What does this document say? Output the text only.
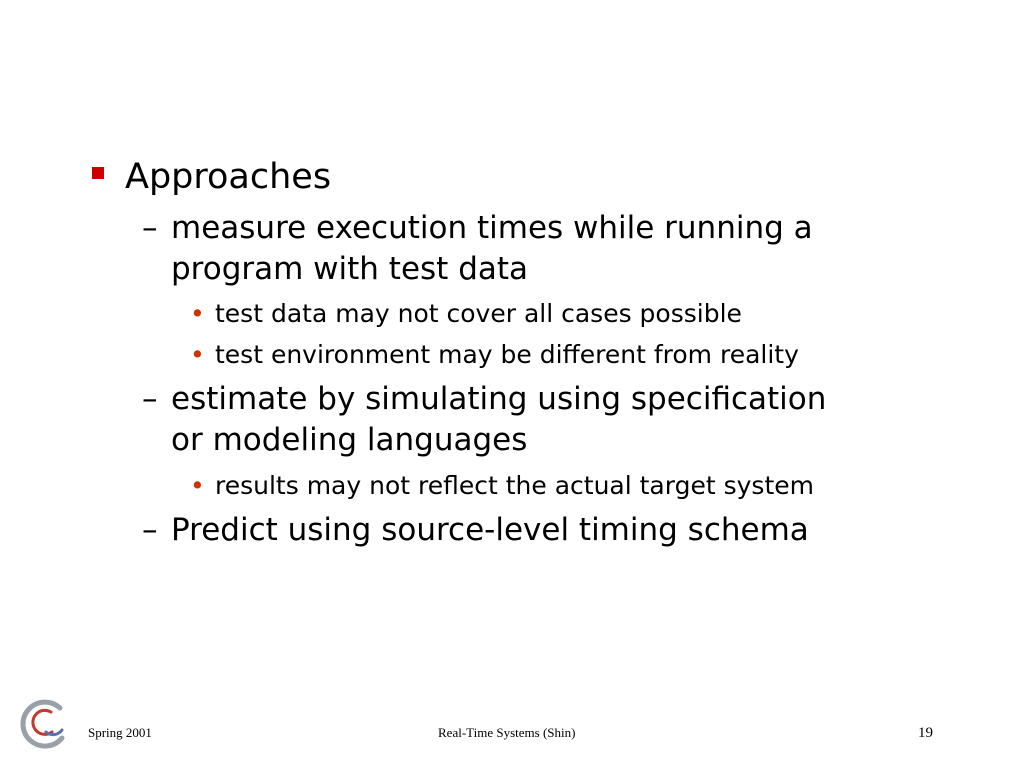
Approaches
– measure execution times while running a
program with test data
• test data may not cover all cases possible
• test environment may be different from reality
– estimate by simulating using specification
or modeling languages
• results may not reflect the actual target system
– Predict using source-level timing schema
Spring 2001	Real-Time Systems (Shin)	19
